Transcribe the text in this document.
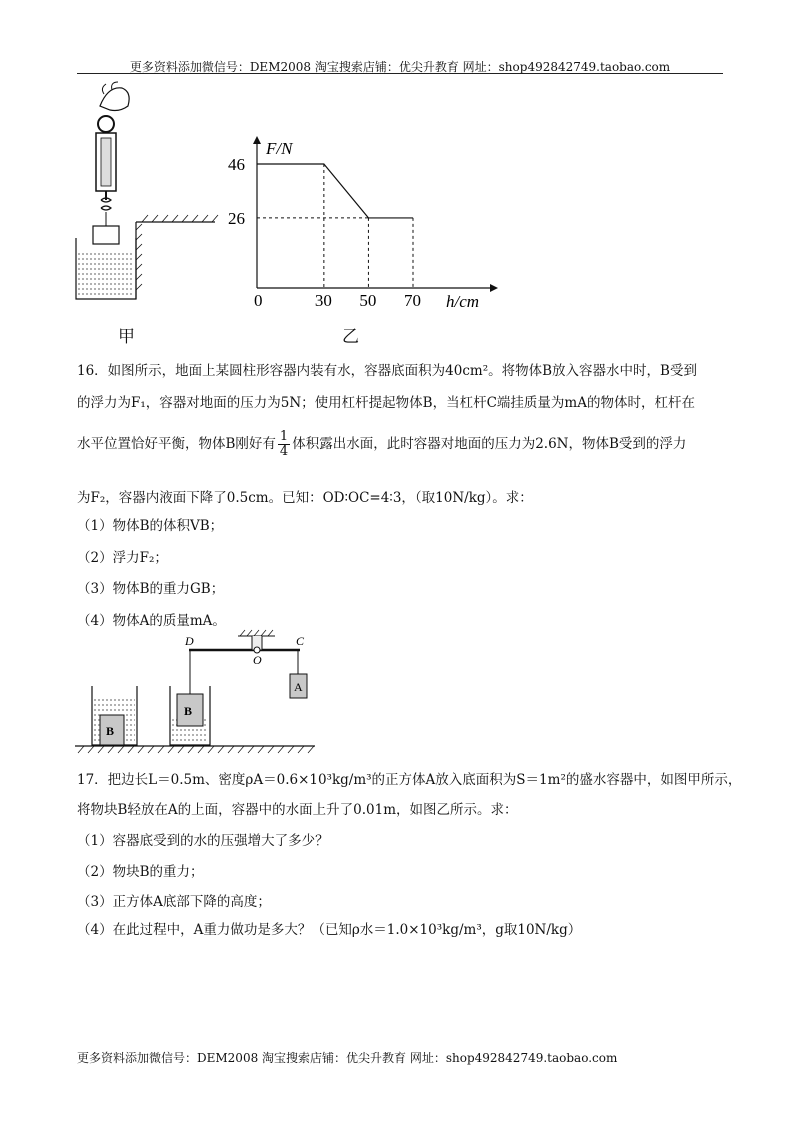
更多资料添加微信号：DEM2008 淘宝搜索店铺：优尖升教育 网址：shop492842749.taobao.com
甲
0	30 50 70
46
26
F/N
h/cm
乙
16．如图所示，地面上某圆柱形容器内装有水，容器底面积为40cm²。将物体B放入容器水中时，B受到
的浮力为F₁，容器对地面的压力为5N；使用杠杆提起物体B，当杠杆C端挂质量为mA的物体时，杠杆在
水平位置恰好平衡，物体B刚好有 $\frac{1}{4}$ 体积露出水面，此时容器对地面的压力为2.6N，物体B受到的浮力
为F₂，容器内液面下降了0.5cm。已知：OD∶OC=4∶3，（取10N/kg）。求：
（1）物体B的体积VB；
（2）浮力F₂；
（3）物体B的重力GB；
（4）物体A的质量mA。
B
B
A
D
O
C
17．把边长L＝0.5m、密度ρA＝0.6×10³kg/m³的正方体A放入底面积为S＝1m²的盛水容器中，如图甲所示，
将物块B轻放在A的上面，容器中的水面上升了0.01m，如图乙所示。求：
（1）容器底受到的水的压强增大了多少？
（2）物块B的重力；
（3）正方体A底部下降的高度；
（4）在此过程中，A重力做功是多大？（已知ρ水＝1.0×10³kg/m³，g取10N/kg）
更多资料添加微信号：DEM2008 淘宝搜索店铺：优尖升教育 网址：shop492842749.taobao.com
